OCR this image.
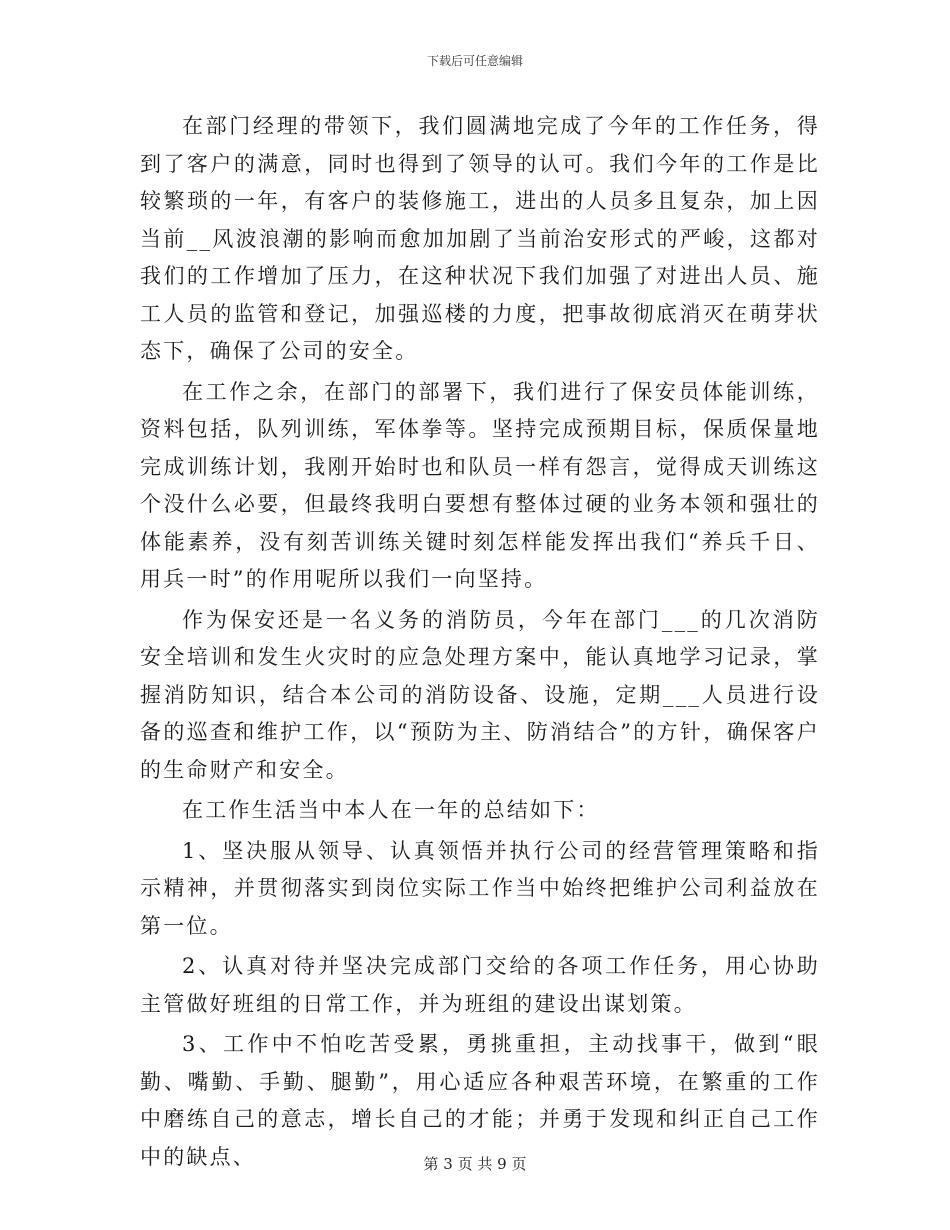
下载后可任意编辑

在部门经理的带领下，我们圆满地完成了今年的工作任务，得到了客户的满意，同时也得到了领导的认可。我们今年的工作是比较繁琐的一年，有客户的装修施工，进出的人员多且复杂，加上因当前__风波浪潮的影响而愈加加剧了当前治安形式的严峻，这都对我们的工作增加了压力，在这种状况下我们加强了对进出人员、施工人员的监管和登记，加强巡楼的力度，把事故彻底消灭在萌芽状态下，确保了公司的安全。

在工作之余，在部门的部署下，我们进行了保安员体能训练，资料包括，队列训练，军体拳等。坚持完成预期目标，保质保量地完成训练计划，我刚开始时也和队员一样有怨言，觉得成天训练这个没什么必要，但最终我明白要想有整体过硬的业务本领和强壮的体能素养，没有刻苦训练关键时刻怎样能发挥出我们“养兵千日、用兵一时”的作用呢所以我们一向坚持。

作为保安还是一名义务的消防员，今年在部门___的几次消防安全培训和发生火灾时的应急处理方案中，能认真地学习记录，掌握消防知识，结合本公司的消防设备、设施，定期___人员进行设备的巡查和维护工作，以“预防为主、防消结合”的方针，确保客户的生命财产和安全。

在工作生活当中本人在一年的总结如下：

1、坚决服从领导、认真领悟并执行公司的经营管理策略和指示精神，并贯彻落实到岗位实际工作当中始终把维护公司利益放在第一位。

2、认真对待并坚决完成部门交给的各项工作任务，用心协助主管做好班组的日常工作，并为班组的建设出谋划策。

3、工作中不怕吃苦受累，勇挑重担，主动找事干，做到“眼勤、嘴勤、手勤、腿勤”，用心适应各种艰苦环境，在繁重的工作中磨练自己的意志，增长自己的才能；并勇于发现和纠正自己工作中的缺点、	第 3 页 共 9 页
